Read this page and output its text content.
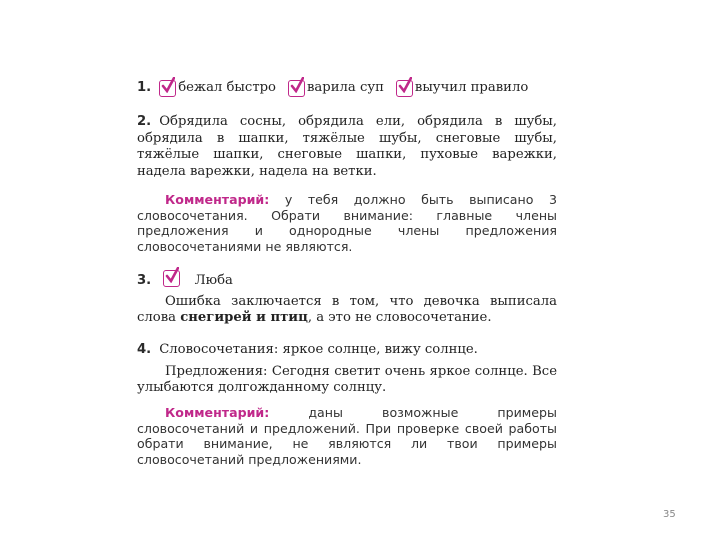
1. бежал быстро варила суп выучил правило
2. Обрядила сосны, обрядила ели, обрядила в шубы, обрядила в шапки, тяжёлые шубы, снеговые шубы, тяжёлые шапки, снеговые шапки, пуховые варежки, надела варежки, надела на ветки.
Комментарий: у тебя должно быть выписано 3 словосочетания. Обрати внимание: главные члены предложения и однородные члены предложения словосочетаниями не являются.
3.	Люба
Ошибка заключается в том, что девочка выписала слова снегирей и птиц, а это не словосочетание.
4. Словосочетания: яркое солнце, вижу солнце.
Предложения: Сегодня светит очень яркое солнце. Все улыбаются долгожданному солнцу.
Комментарий: даны возможные примеры словосочетаний и предложений. При проверке своей работы обрати внимание, не являются ли твои примеры словосочетаний предложениями.
35
